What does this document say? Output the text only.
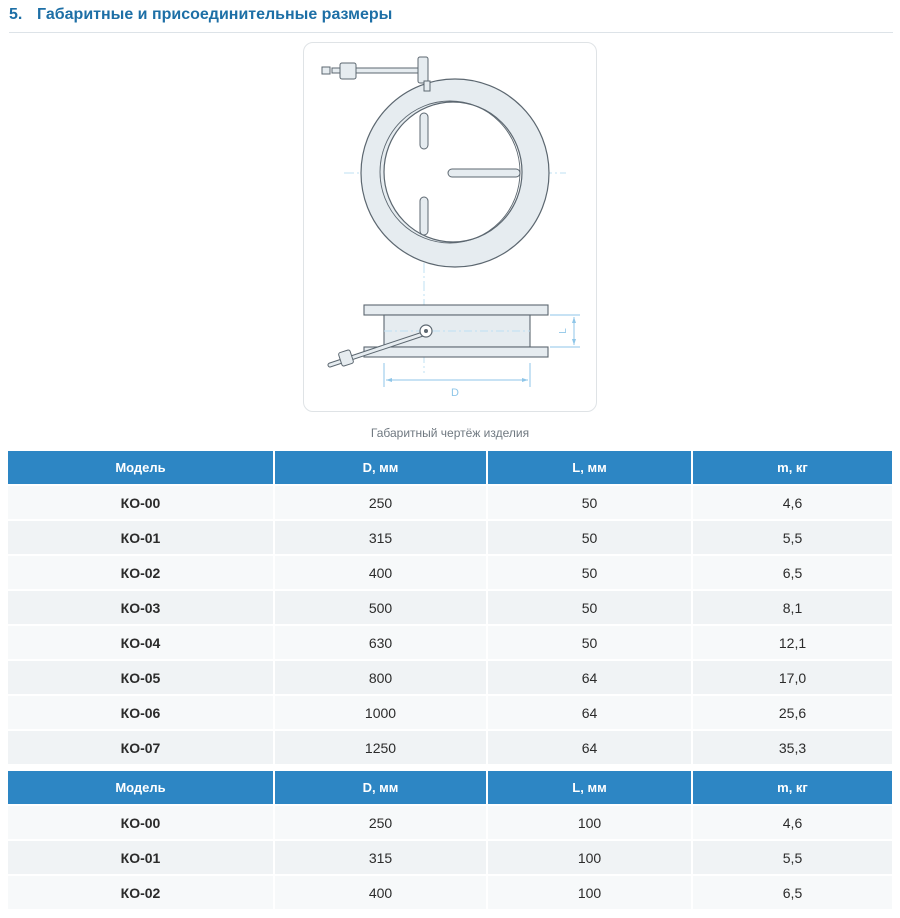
5. Габаритные и присоединительные размеры
D
L
Габаритный чертёж изделия
Модель	D, мм	L, мм	m, кг
КО-00	250	50	4,6
КО-01	315	50	5,5
КО-02	400	50	6,5
КО-03	500	50	8,1
КО-04	630	50	12,1
КО-05	800	64	17,0
КО-06	1000	64	25,6
КО-07	1250	64	35,3
Модель	D, мм	L, мм	m, кг
КО-00	250	100	4,6
КО-01	315	100	5,5
КО-02	400	100	6,5
